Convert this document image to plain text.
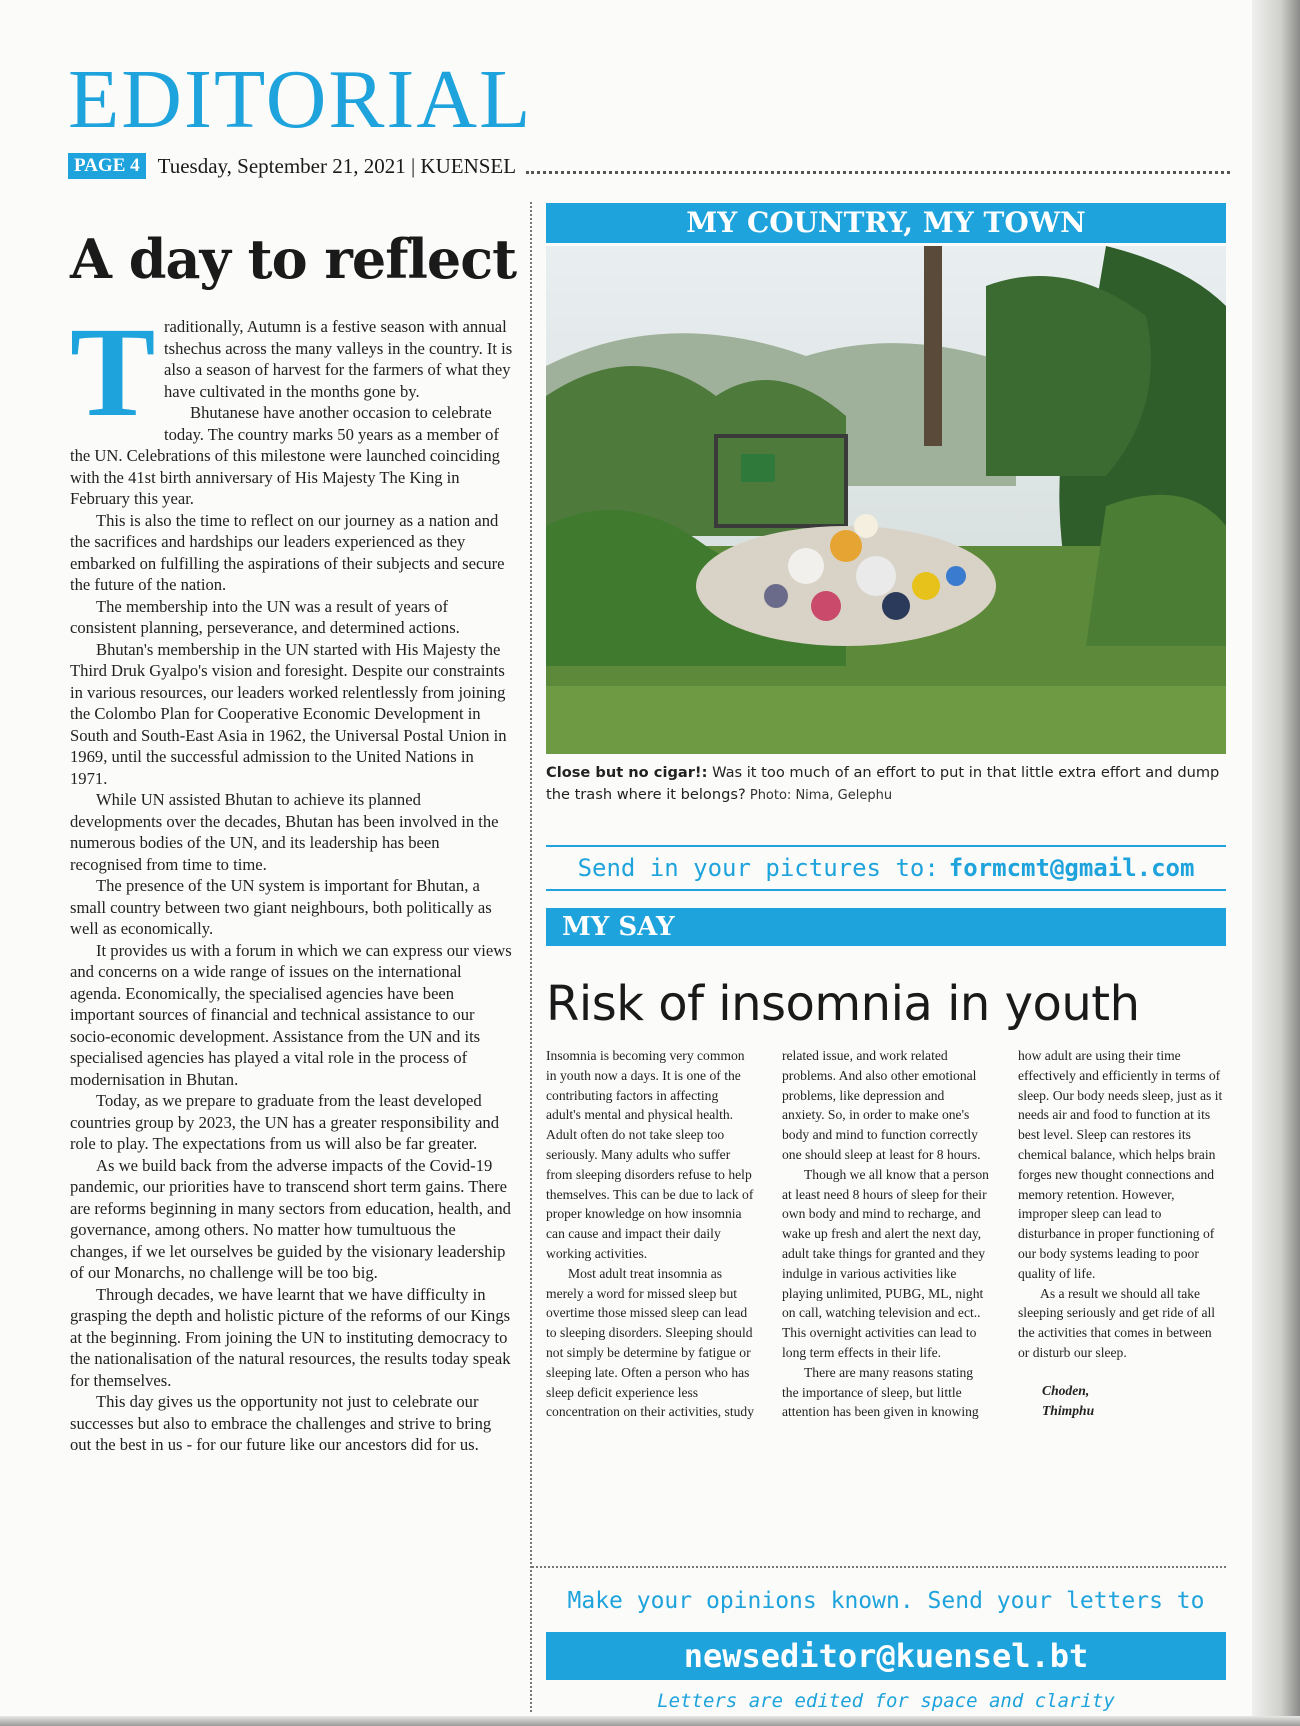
EDITORIAL
PAGE 4 Tuesday, September 21, 2021 | KUENSEL
A day to reflect

Traditionally, Autumn is a festive season with annual tshechus across the many valleys in the country. It is also a season of harvest for the farmers of what they have cultivated in the months gone by.

Bhutanese have another occasion to celebrate today. The country marks 50 years as a member of the UN. Celebrations of this milestone were launched coinciding with the 41st birth anniversary of His Majesty The King in February this year.

This is also the time to reflect on our journey as a nation and the sacrifices and hardships our leaders experienced as they embarked on fulfilling the aspirations of their subjects and secure the future of the nation.

The membership into the UN was a result of years of consistent planning, perseverance, and determined actions.

Bhutan's membership in the UN started with His Majesty the Third Druk Gyalpo's vision and foresight. Despite our constraints in various resources, our leaders worked relentlessly from joining the Colombo Plan for Cooperative Economic Development in South and South-East Asia in 1962, the Universal Postal Union in 1969, until the successful admission to the United Nations in 1971.

While UN assisted Bhutan to achieve its planned developments over the decades, Bhutan has been involved in the numerous bodies of the UN, and its leadership has been recognised from time to time.

The presence of the UN system is important for Bhutan, a small country between two giant neighbours, both politically as well as economically.

It provides us with a forum in which we can express our views and concerns on a wide range of issues on the international agenda. Economically, the specialised agencies have been important sources of financial and technical assistance to our socio-economic development. Assistance from the UN and its specialised agencies has played a vital role in the process of modernisation in Bhutan.

Today, as we prepare to graduate from the least developed countries group by 2023, the UN has a greater responsibility and role to play. The expectations from us will also be far greater.

As we build back from the adverse impacts of the Covid-19 pandemic, our priorities have to transcend short term gains. There are reforms beginning in many sectors from education, health, and governance, among others. No matter how tumultuous the changes, if we let ourselves be guided by the visionary leadership of our Monarchs, no challenge will be too big.

Through decades, we have learnt that we have difficulty in grasping the depth and holistic picture of the reforms of our Kings at the beginning. From joining the UN to instituting democracy to the nationalisation of the natural resources, the results today speak for themselves.

This day gives us the opportunity not just to celebrate our successes but also to embrace the challenges and strive to bring out the best in us - for our future like our ancestors did for us.

MY COUNTRY, MY TOWN
Close but no cigar!: Was it too much of an effort to put in that little extra effort and dump the trash where it belongs? Photo: Nima, Gelephu
Send in your pictures to: formcmt@gmail.com
MY SAY
Risk of insomnia in youth

Insomnia is becoming very common in youth now a days. It is one of the contributing factors in affecting adult's mental and physical health. Adult often do not take sleep too seriously. Many adults who suffer from sleeping disorders refuse to help themselves. This can be due to lack of proper knowledge on how insomnia can cause and impact their daily working activities.

Most adult treat insomnia as merely a word for missed sleep but overtime those missed sleep can lead to sleeping disorders. Sleeping should not simply be determine by fatigue or sleeping late. Often a person who has sleep deficit experience less concentration on their activities, study related issue, and work related problems. And also other emotional problems, like depression and anxiety. So, in order to make one's body and mind to function correctly one should sleep at least for 8 hours.

Though we all know that a person at least need 8 hours of sleep for their own body and mind to recharge, and wake up fresh and alert the next day, adult take things for granted and they indulge in various activities like playing unlimited, PUBG, ML, night on call, watching television and ect.. This overnight activities can lead to long term effects in their life.

There are many reasons stating the importance of sleep, but little attention has been given in knowing how adult are using their time effectively and efficiently in terms of sleep. Our body needs sleep, just as it needs air and food to function at its best level. Sleep can restores its chemical balance, which helps brain forges new thought connections and memory retention. However, improper sleep can lead to disturbance in proper functioning of our body systems leading to poor quality of life.

As a result we should all take sleeping seriously and get ride of all the activities that comes in between or disturb our sleep.

Choden,

Thimphu

Make your opinions known. Send your letters to
newseditor@kuensel.bt
Letters are edited for space and clarity
